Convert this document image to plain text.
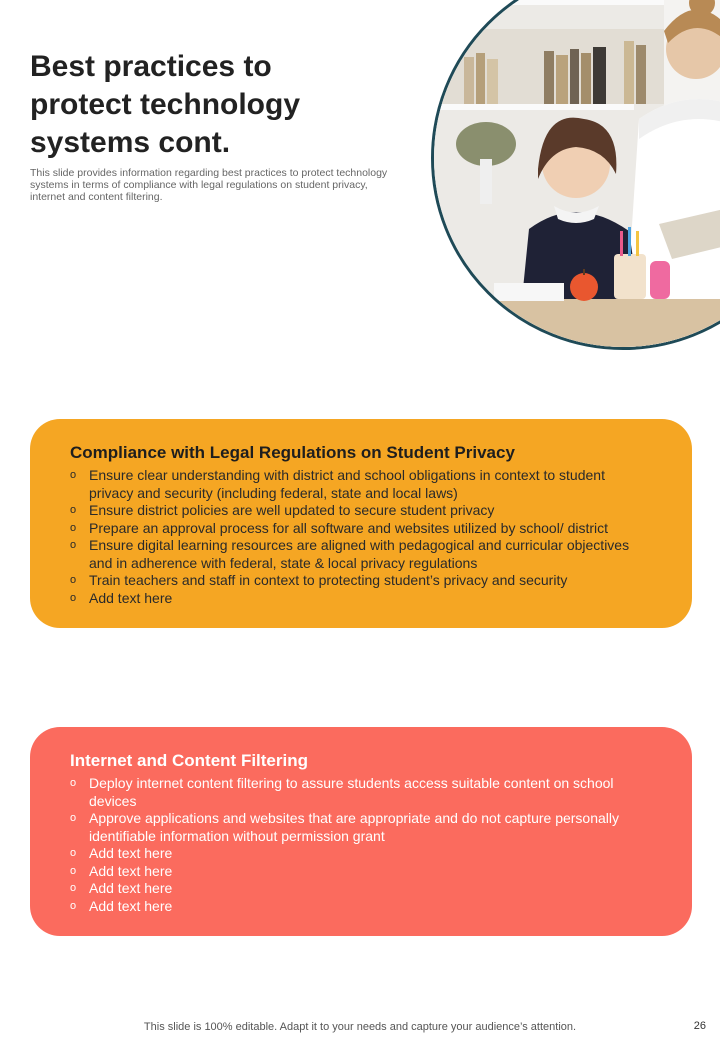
Best practices to protect technology systems cont.
This slide provides information regarding best practices to protect technology systems in terms of compliance with legal regulations on student privacy, internet and content filtering.
Compliance with Legal Regulations on Student Privacy
o Ensure clear understanding with district and school obligations in context to student privacy and security (including federal, state and local laws)
o Ensure district policies are well updated to secure student privacy
o Prepare an approval process for all software and websites utilized by school/ district
o Ensure digital learning resources are aligned with pedagogical and curricular objectives and in adherence with federal, state & local privacy regulations
o Train teachers and staff in context to protecting student’s privacy and security
o Add text here
Internet and Content Filtering
o Deploy internet content filtering to assure students access suitable content on school devices
o Approve applications and websites that are appropriate and do not capture personally identifiable information without permission grant
o Add text here
o Add text here
o Add text here
o Add text here
This slide is 100% editable. Adapt it to your needs and capture your audience’s attention.	26
